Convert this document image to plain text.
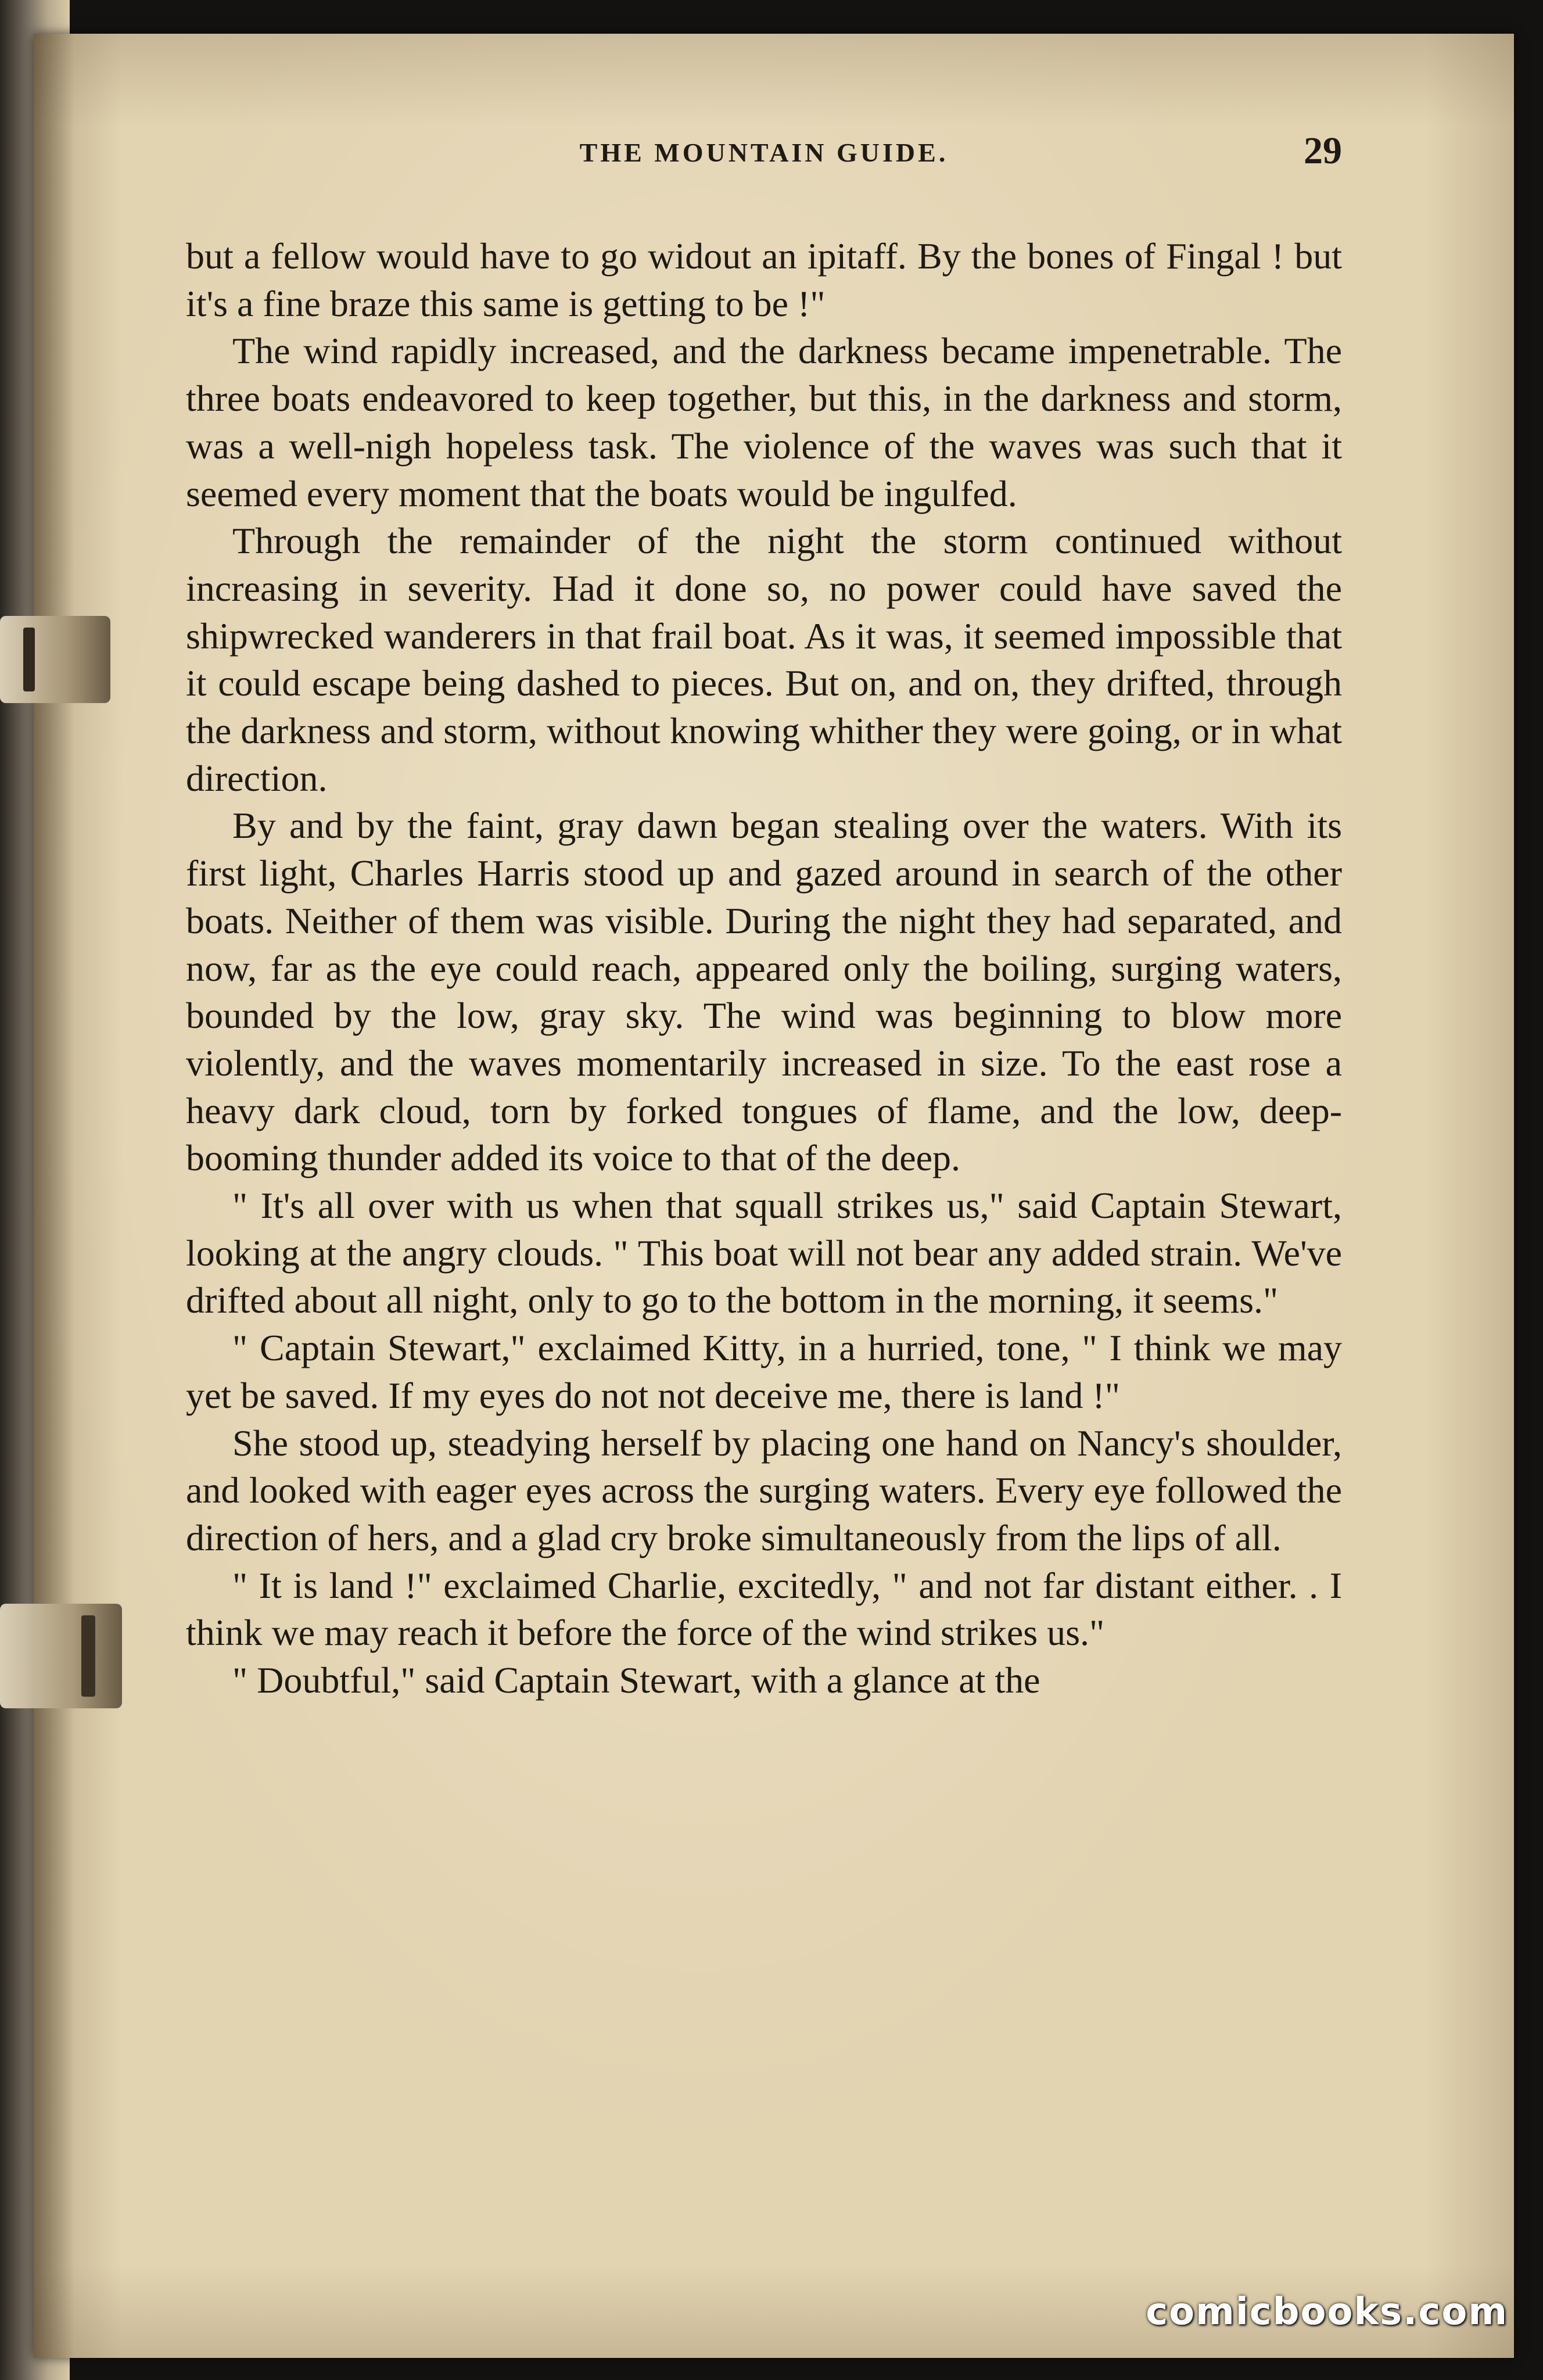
THE MOUNTAIN GUIDE.	29

but a fellow would have to go widout an ipitaff. By the bones of Fingal ! but it's a fine braze this same is getting to be !"

The wind rapidly increased, and the darkness became impenetrable. The three boats endeavored to keep together, but this, in the darkness and storm, was a well-nigh hopeless task. The violence of the waves was such that it seemed every moment that the boats would be ingulfed.

Through the remainder of the night the storm continued without increasing in severity. Had it done so, no power could have saved the shipwrecked wanderers in that frail boat. As it was, it seemed impossible that it could escape being dashed to pieces. But on, and on, they drifted, through the darkness and storm, without knowing whither they were going, or in what direction.

By and by the faint, gray dawn began stealing over the waters. With its first light, Charles Harris stood up and gazed around in search of the other boats. Neither of them was visible. During the night they had separated, and now, far as the eye could reach, appeared only the boiling, surging waters, bounded by the low, gray sky. The wind was beginning to blow more violently, and the waves momentarily increased in size. To the east rose a heavy dark cloud, torn by forked tongues of flame, and the low, deep-booming thunder added its voice to that of the deep.

" It's all over with us when that squall strikes us," said Captain Stewart, looking at the angry clouds. " This boat will not bear any added strain. We've drifted about all night, only to go to the bottom in the morning, it seems."

" Captain Stewart," exclaimed Kitty, in a hurried, tone, " I think we may yet be saved. If my eyes do not not deceive me, there is land !"

She stood up, steadying herself by placing one hand on Nancy's shoulder, and looked with eager eyes across the surging waters. Every eye followed the direction of hers, and a glad cry broke simultaneously from the lips of all.

" It is land !" exclaimed Charlie, excitedly, " and not far distant either. . I think we may reach it before the force of the wind strikes us."

" Doubtful," said Captain Stewart, with a glance at the

comicbooks.com
